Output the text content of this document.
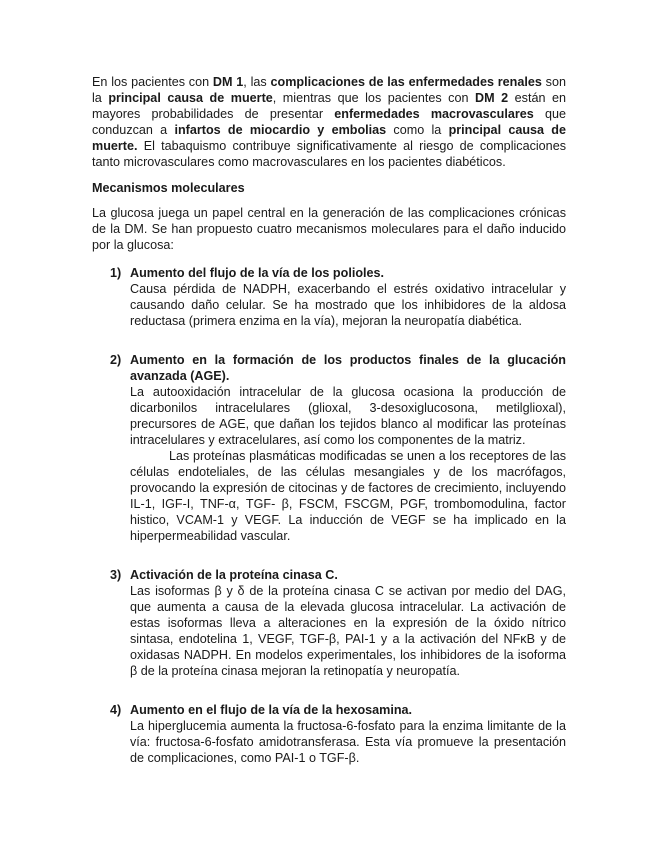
En los pacientes con DM 1, las complicaciones de las enfermedades renales son la principal causa de muerte, mientras que los pacientes con DM 2 están en mayores probabilidades de presentar enfermedades macrovasculares que conduzcan a infartos de miocardio y embolias como la principal causa de muerte. El tabaquismo contribuye significativamente al riesgo de complicaciones tanto microvasculares como macrovasculares en los pacientes diabéticos.

Mecanismos moleculares

La glucosa juega un papel central en la generación de las complicaciones crónicas de la DM. Se han propuesto cuatro mecanismos moleculares para el daño inducido por la glucosa:

1) Aumento del flujo de la vía de los polioles.
Causa pérdida de NADPH, exacerbando el estrés oxidativo intracelular y causando daño celular. Se ha mostrado que los inhibidores de la aldosa reductasa (primera enzima en la vía), mejoran la neuropatía diabética.
2) Aumento en la formación de los productos finales de la glucación avanzada (AGE).
La autooxidación intracelular de la glucosa ocasiona la producción de dicarbonilos intracelulares (glioxal, 3-desoxiglucosona, metilglioxal), precursores de AGE, que dañan los tejidos blanco al modificar las proteínas intracelulares y extracelulares, así como los componentes de la matriz.
Las proteínas plasmáticas modificadas se unen a los receptores de las células endoteliales, de las células mesangiales y de los macrófagos, provocando la expresión de citocinas y de factores de crecimiento, incluyendo IL-1, IGF-I, TNF-α, TGF- β, FSCM, FSCGM, PGF, trombomodulina, factor histico, VCAM-1 y VEGF. La inducción de VEGF se ha implicado en la hiperpermeabilidad vascular.
3) Activación de la proteína cinasa C.
Las isoformas β y δ de la proteína cinasa C se activan por medio del DAG, que aumenta a causa de la elevada glucosa intracelular. La activación de estas isoformas lleva a alteraciones en la expresión de la óxido nítrico sintasa, endotelina 1, VEGF, TGF-β, PAI-1 y a la activación del NFκB y de oxidasas NADPH. En modelos experimentales, los inhibidores de la isoforma β de la proteína cinasa mejoran la retinopatía y neuropatía.
4) Aumento en el flujo de la vía de la hexosamina.
La hiperglucemia aumenta la fructosa-6-fosfato para la enzima limitante de la vía: fructosa-6-fosfato amidotransferasa. Esta vía promueve la presentación de complicaciones, como PAI-1 o TGF-β.
